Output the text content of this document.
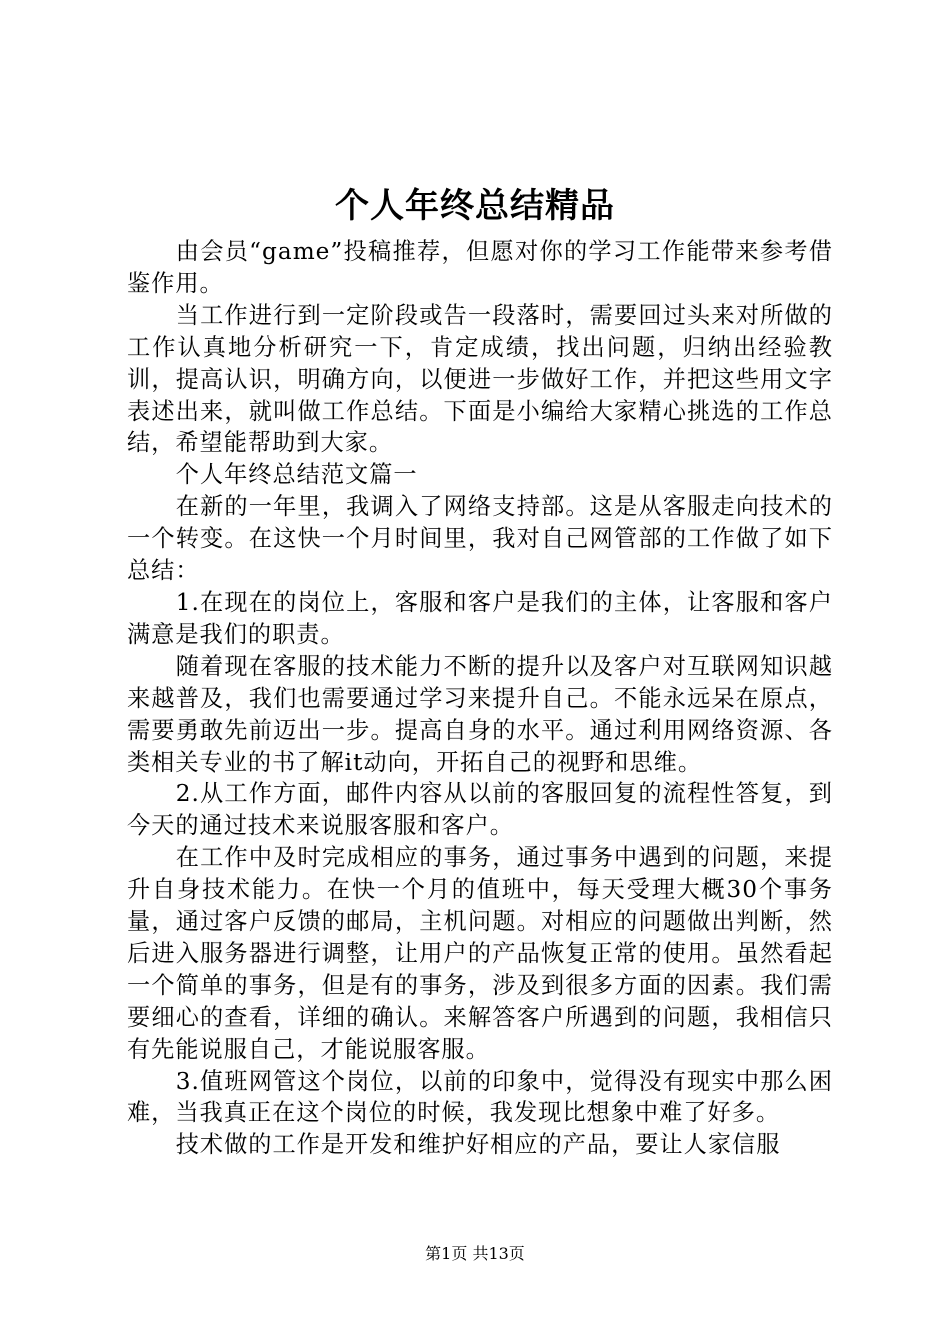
个人年终总结精品

由会员“game”投稿推荐，但愿对你的学习工作能带来参考借鉴作用。

当工作进行到一定阶段或告一段落时，需要回过头来对所做的工作认真地分析研究一下，肯定成绩，找出问题，归纳出经验教训，提高认识，明确方向，以便进一步做好工作，并把这些用文字表述出来，就叫做工作总结。下面是小编给大家精心挑选的工作总结，希望能帮助到大家。

个人年终总结范文篇一

在新的一年里，我调入了网络支持部。这是从客服走向技术的一个转变。在这快一个月时间里，我对自己网管部的工作做了如下总结：

1.在现在的岗位上，客服和客户是我们的主体，让客服和客户满意是我们的职责。

随着现在客服的技术能力不断的提升以及客户对互联网知识越来越普及，我们也需要通过学习来提升自己。不能永远呆在原点，需要勇敢先前迈出一步。提高自身的水平。通过利用网络资源、各类相关专业的书了解it动向，开拓自己的视野和思维。

2.从工作方面，邮件内容从以前的客服回复的流程性答复，到今天的通过技术来说服客服和客户。

在工作中及时完成相应的事务，通过事务中遇到的问题，来提升自身技术能力。在快一个月的值班中，每天受理大概30个事务量，通过客户反馈的邮局，主机问题。对相应的问题做出判断，然后进入服务器进行调整，让用户的产品恢复正常的使用。虽然看起一个简单的事务，但是有的事务，涉及到很多方面的因素。我们需要细心的查看，详细的确认。来解答客户所遇到的问题，我相信只有先能说服自己，才能说服客服。

3.值班网管这个岗位，以前的印象中，觉得没有现实中那么困难，当我真正在这个岗位的时候，我发现比想象中难了好多。

技术做的工作是开发和维护好相应的产品，要让人家信服

第1页 共13页
